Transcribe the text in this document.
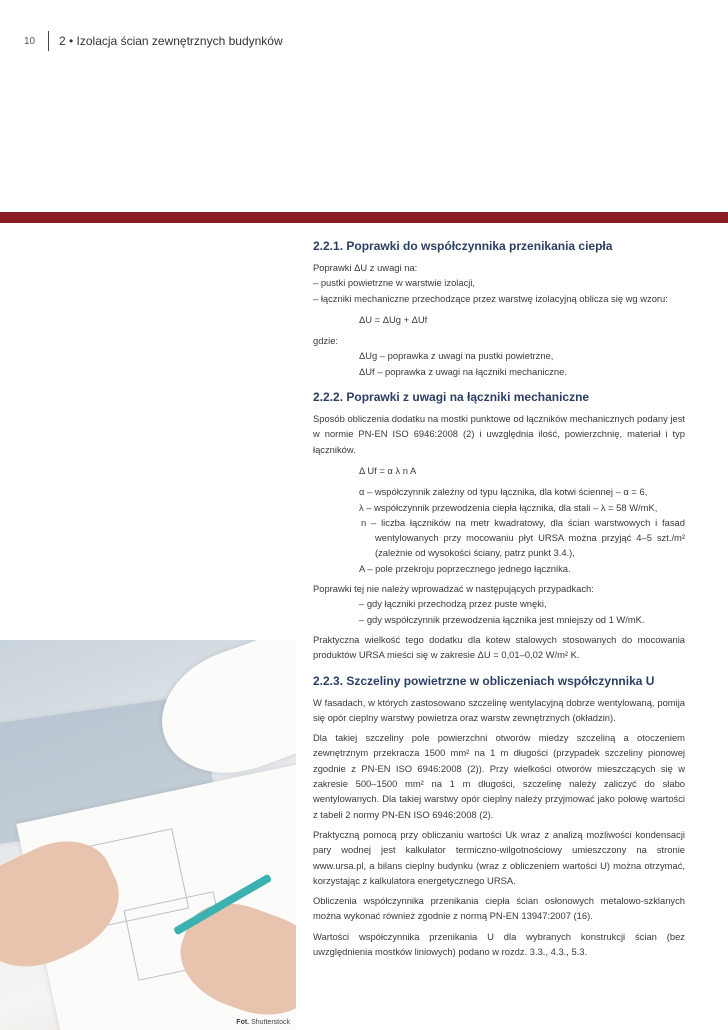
10	2 • Izolacja ścian zewnętrznych budynków
Fot. Shutterstock
2.2.1. Poprawki do współczynnika przenikania ciepła

Poprawki ΔU z uwagi na:

– pustki powietrzne w warstwie izolacji,

– łączniki mechaniczne przechodzące przez warstwę izolacyjną oblicza się wg wzoru:

ΔU = ΔUg + ΔUf

gdzie:

ΔUg – poprawka z uwagi na pustki powietrzne,

ΔUf – poprawka z uwagi na łączniki mechaniczne.

2.2.2. Poprawki z uwagi na łączniki mechaniczne

Sposób obliczenia dodatku na mostki punktowe od łączników mechanicznych podany jest w normie PN-EN ISO 6946:2008 (2) i uwzględnia ilość, powierzchnię, materiał i typ łączników.

Δ Uf = α λ n A

α – współczynnik zależny od typu łącznika, dla kotwi ściennej – α = 6,

λ – współczynnik przewodzenia ciepła łącznika, dla stali – λ = 58 W/mK,

n – liczba łączników na metr kwadratowy, dla ścian warstwowych i fasad wentylowanych przy mocowaniu płyt URSA można przyjąć 4–5 szt./m² (zależnie od wysokości ściany, patrz punkt 3.4.),

A – pole przekroju poprzecznego jednego łącznika.

Poprawki tej nie należy wprowadzać w następujących przypadkach:

– gdy łączniki przechodzą przez puste wnęki,

– gdy współczynnik przewodzenia łącznika jest mniejszy od 1 W/mK.

Praktyczna wielkość tego dodatku dla kotew stalowych stosowanych do mocowania produktów URSA mieści się w zakresie ΔU = 0,01–0,02 W/m² K.

2.2.3. Szczeliny powietrzne w obliczeniach współczynnika U

W fasadach, w których zastosowano szczelinę wentylacyjną dobrze wentylowaną, pomija się opór cieplny warstwy powietrza oraz warstw zewnętrznych (okładzin).

Dla takiej szczeliny pole powierzchni otworów miedzy szczeliną a otoczeniem zewnętrznym przekracza 1500 mm² na 1 m długości (przypadek szczeliny pionowej zgodnie z PN-EN ISO 6946:2008 (2)). Przy wielkości otworów mieszczących się w zakresie 500–1500 mm² na 1 m długości, szczelinę należy zaliczyć do słabo wentylowanych. Dla takiej warstwy opór cieplny należy przyjmować jako połowę wartości z tabeli 2 normy PN-EN ISO 6946:2008 (2).

Praktyczną pomocą przy obliczaniu wartości Uk wraz z analizą możliwości kondensacji pary wodnej jest kalkulator termiczno-wilgotnościowy umieszczony na stronie www.ursa.pl, a bilans cieplny budynku (wraz z obliczeniem wartości U) można otrzymać, korzystając z kalkulatora energetycznego URSA.

Obliczenia współczynnika przenikania ciepła ścian osłonowych metalowo-szklanych można wykonać również zgodnie z normą PN-EN 13947:2007 (16).

Wartości współczynnika przenikania U dla wybranych konstrukcji ścian (bez uwzględnienia mostków liniowych) podano w rozdz. 3.3., 4.3., 5.3.
